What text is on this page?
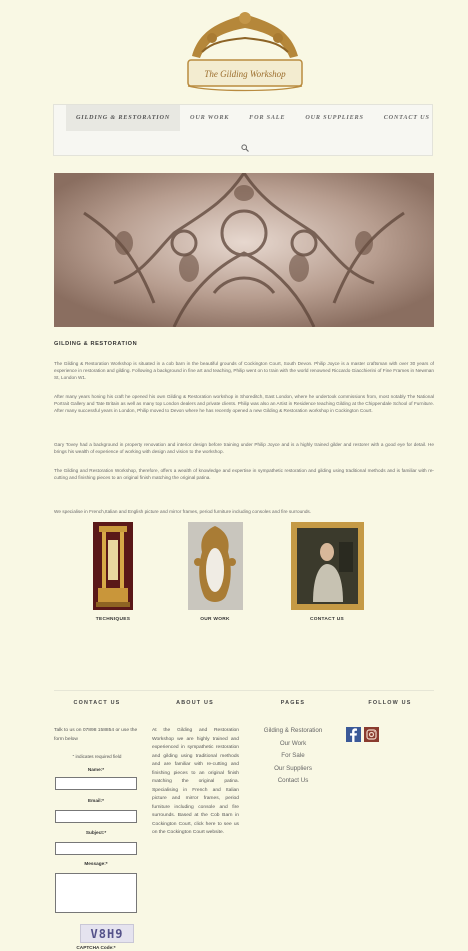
The Gilding Workshop
GILDING & RESTORATION	OUR WORK	FOR SALE	OUR SUPPLIERS	CONTACT US
GILDING & RESTORATION
The Gilding & Restoration Workshop is situated in a cob barn in the beautiful grounds of Cockington Court, South Devon. Philip Joyce is a master craftsman with over 30 years of experience in restoration and gilding. Following a background in fine art and teaching, Philip went on to train with the world renowned Riccardo Giacchierini of Fine Frames in Newman St, London W1.
After many years honing his craft he opened his own Gilding & Restoration workshop in Shoreditch, East London, where he undertook commissions from, most notably The National Portrait Gallery and Tate Britain as well as many top London dealers and private clients. Philip was also an Artist in Residence teaching Gilding at the Chippendale School of Furniture. After many successful years in London, Philip moved to Devon where he has recently opened a new Gilding & Restoration workshop in Cockington Court.
Gary Tovey had a background in property renovation and interior design before training under Philip Joyce and is a highly trained gilder and restorer with a good eye for detail. He brings his wealth of experience of working with design and vision to the workshop.
The Gilding and Restoration Workshop, therefore, offers a wealth of knowledge and expertise in sympathetic restoration and gilding using traditional methods and is familiar with re-cutting and finishing pieces to an original finish matching the original patina.
We specialise in French,Italian and English picture and mirror frames, period furniture including consoles and fire surrounds.
TECHNIQUES	OUR WORK	CONTACT US
CONTACT US	ABOUT US	PAGES	FOLLOW US
Talk to us on 07898 158854 or use the form below
" indicates required field
Name:*
Email:*
Subject:*
Message:*
V8H9
CAPTCHA Code:*
At the Gilding and Restoration Workshop we are highly trained and experienced in sympathetic restoration and gilding using traditional methods and are familiar with re-cutting and finishing pieces to an original finish matching the original patina. Specialising in French and Italian picture and mirror frames, period furniture including console and fire surrounds. Based at the Cob Barn in Cockington Court, click here to see us on the Cockington Court website.
Gilding & Restoration
Our Work
For Sale
Our Suppliers
Contact Us
